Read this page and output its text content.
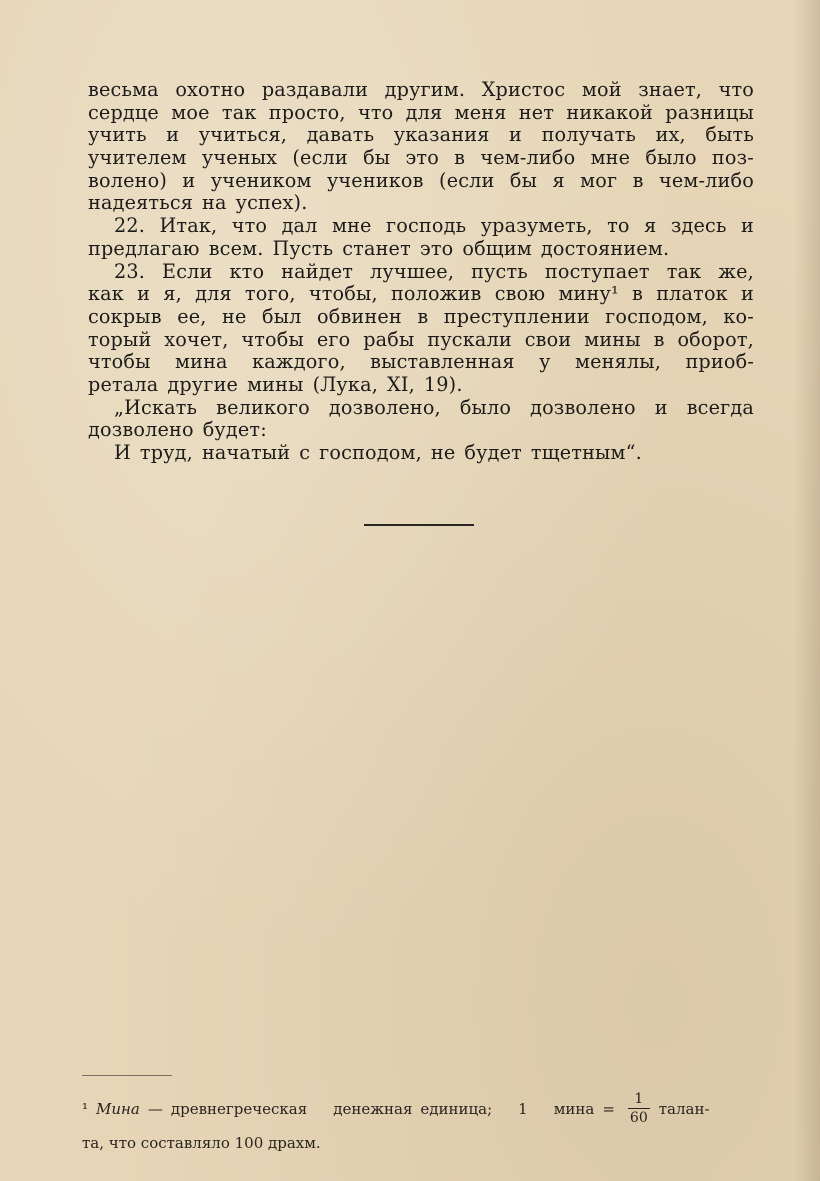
весьма охотно раздавали другим. Христос мой знает, что
сердце мое так просто, что для меня нет никакой разницы
учить и учиться, давать указания и получать их, быть
учителем ученых (если бы это в чем-либо мне было поз-
волено) и учеником учеников (если бы я мог в чем-либо
надеяться на успех).
22. Итак, что дал мне господь уразуметь, то я здесь и
предлагаю всем. Пусть станет это общим достоянием.
23. Если кто найдет лучшее, пусть поступает так же,
как и я, для того, чтобы, положив свою мину¹ в платок и
сокрыв ее, не был обвинен в преступлении господом, ко-
торый хочет, чтобы его рабы пускали свои мины в оборот,
чтобы мина каждого, выставленная у менялы, приоб-
ретала другие мины (Лука, XI, 19).
„Искать великого дозволено, было дозволено и всегда
дозволено будет:
И труд, начатый с господом, не будет тщетным“.
¹ Мина — древнегреческая денежная единица; 1 мина = $\frac{1}{60}$ талан-
та, что составляло 100 драхм.
